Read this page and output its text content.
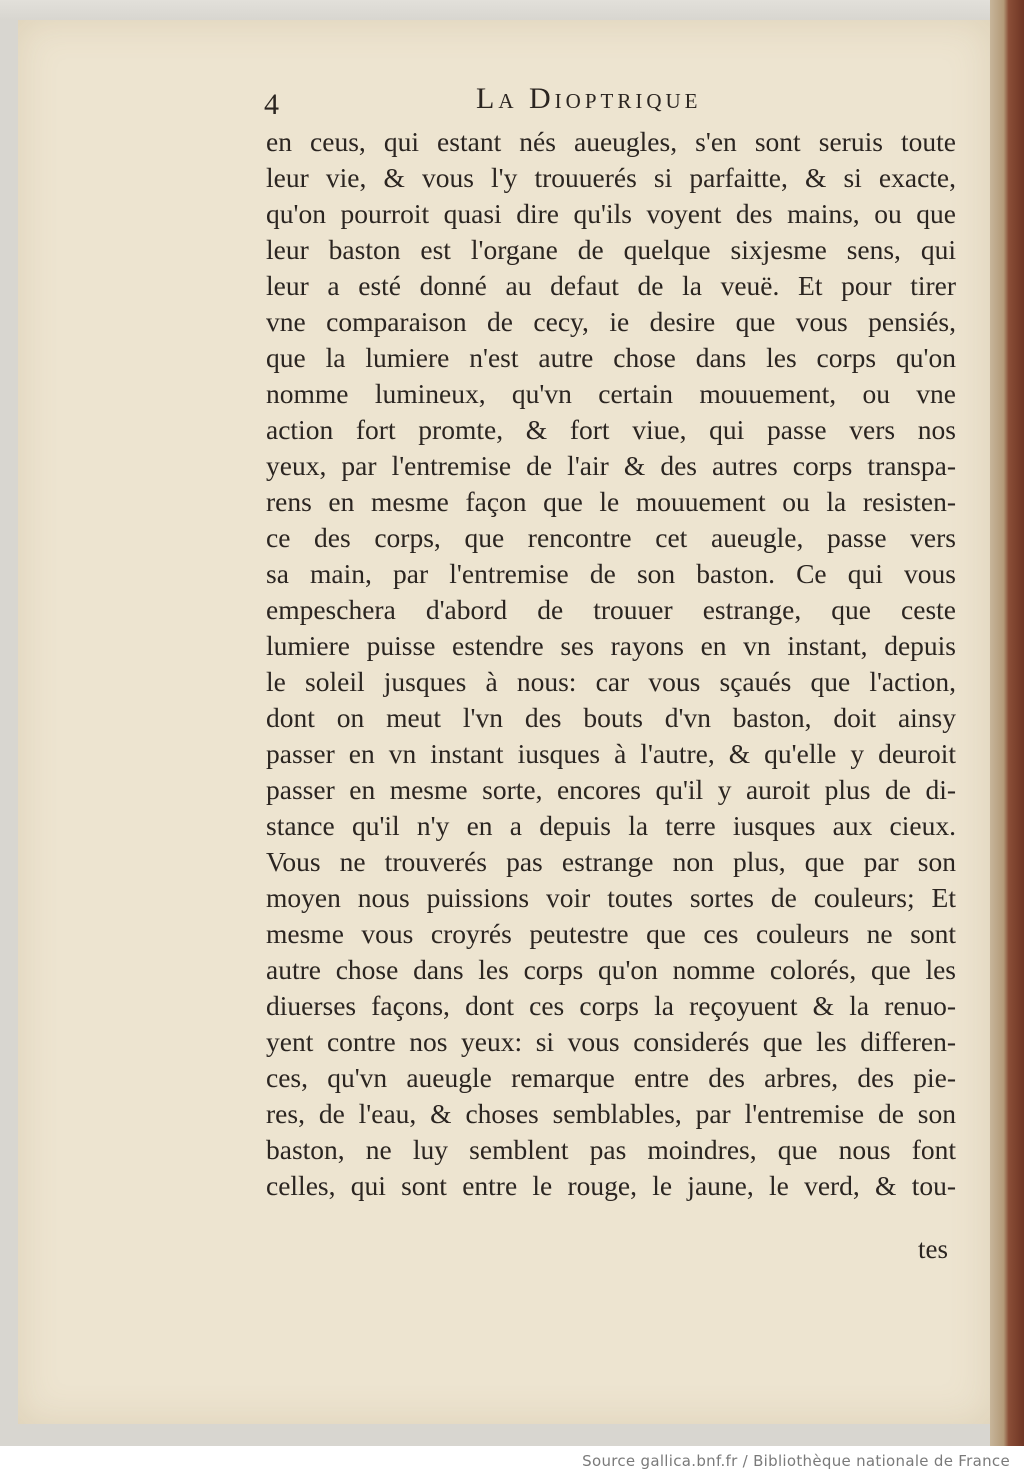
4	La Dioptrique
en ceus, qui estant nés aueugles, s'en sont seruis toute
leur vie, & vous l'y trouuerés si parfaitte, & si exacte,
qu'on pourroit quasi dire qu'ils voyent des mains, ou que
leur baston est l'organe de quelque sixjesme sens, qui
leur a esté donné au defaut de la veuë. Et pour tirer
vne comparaison de cecy, ie desire que vous pensiés,
que la lumiere n'est autre chose dans les corps qu'on
nomme lumineux, qu'vn certain mouuement, ou vne
action fort promte, & fort viue, qui passe vers nos
yeux, par l'entremise de l'air & des autres corps transpa-
rens en mesme façon que le mouuement ou la resisten-
ce des corps, que rencontre cet aueugle, passe vers
sa main, par l'entremise de son baston. Ce qui vous
empeschera d'abord de trouuer estrange, que ceste
lumiere puisse estendre ses rayons en vn instant, depuis
le soleil jusques à nous: car vous sçaués que l'action,
dont on meut l'vn des bouts d'vn baston, doit ainsy
passer en vn instant iusques à l'autre, & qu'elle y deuroit
passer en mesme sorte, encores qu'il y auroit plus de di-
stance qu'il n'y en a depuis la terre iusques aux cieux.
Vous ne trouverés pas estrange non plus, que par son
moyen nous puissions voir toutes sortes de couleurs; Et
mesme vous croyrés peutestre que ces couleurs ne sont
autre chose dans les corps qu'on nomme colorés, que les
diuerses façons, dont ces corps la reçoyuent & la renuo-
yent contre nos yeux: si vous considerés que les differen-
ces, qu'vn aueugle remarque entre des arbres, des pie-
res, de l'eau, & choses semblables, par l'entremise de son
baston, ne luy semblent pas moindres, que nous font
celles, qui sont entre le rouge, le jaune, le verd, & tou-
tes
Source gallica.bnf.fr / Bibliothèque nationale de France
